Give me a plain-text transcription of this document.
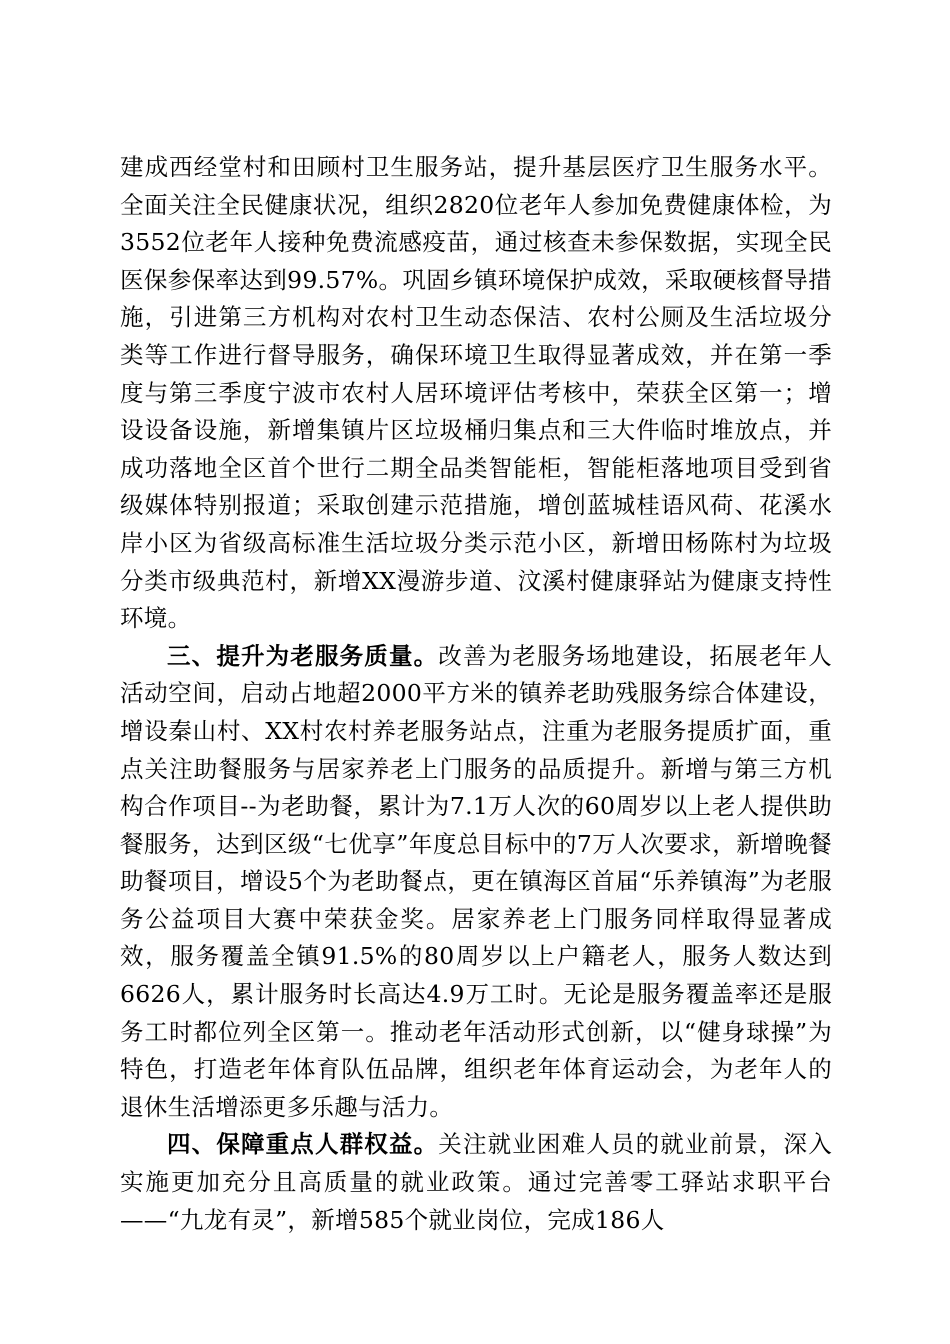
建成西经堂村和田顾村卫生服务站，提升基层医疗卫生服务水平。全面关注全民健康状况，组织2820位老年人参加免费健康体检，为3552位老年人接种免费流感疫苗，通过核查未参保数据，实现全民医保参保率达到99.57%。巩固乡镇环境保护成效，采取硬核督导措施，引进第三方机构对农村卫生动态保洁、农村公厕及生活垃圾分类等工作进行督导服务，确保环境卫生取得显著成效，并在第一季度与第三季度宁波市农村人居环境评估考核中，荣获全区第一；增设设备设施，新增集镇片区垃圾桶归集点和三大件临时堆放点，并成功落地全区首个世行二期全品类智能柜，智能柜落地项目受到省级媒体特别报道；采取创建示范措施，增创蓝城桂语风荷、花溪水岸小区为省级高标准生活垃圾分类示范小区，新增田杨陈村为垃圾分类市级典范村，新增XX漫游步道、汶溪村健康驿站为健康支持性环境。

三、提升为老服务质量。改善为老服务场地建设，拓展老年人活动空间，启动占地超2000平方米的镇养老助残服务综合体建设，增设秦山村、XX村农村养老服务站点，注重为老服务提质扩面，重点关注助餐服务与居家养老上门服务的品质提升。新增与第三方机构合作项目--为老助餐，累计为7.1万人次的60周岁以上老人提供助餐服务，达到区级“七优享”年度总目标中的7万人次要求，新增晚餐助餐项目，增设5个为老助餐点，更在镇海区首届“乐养镇海”为老服务公益项目大赛中荣获金奖。居家养老上门服务同样取得显著成效，服务覆盖全镇91.5%的80周岁以上户籍老人，服务人数达到6626人，累计服务时长高达4.9万工时。无论是服务覆盖率还是服务工时都位列全区第一。推动老年活动形式创新，以“健身球操”为特色，打造老年体育队伍品牌，组织老年体育运动会，为老年人的退休生活增添更多乐趣与活力。

四、保障重点人群权益。关注就业困难人员的就业前景，深入实施更加充分且高质量的就业政策。通过完善零工驿站求职平台——“九龙有灵”，新增585个就业岗位，完成186人
